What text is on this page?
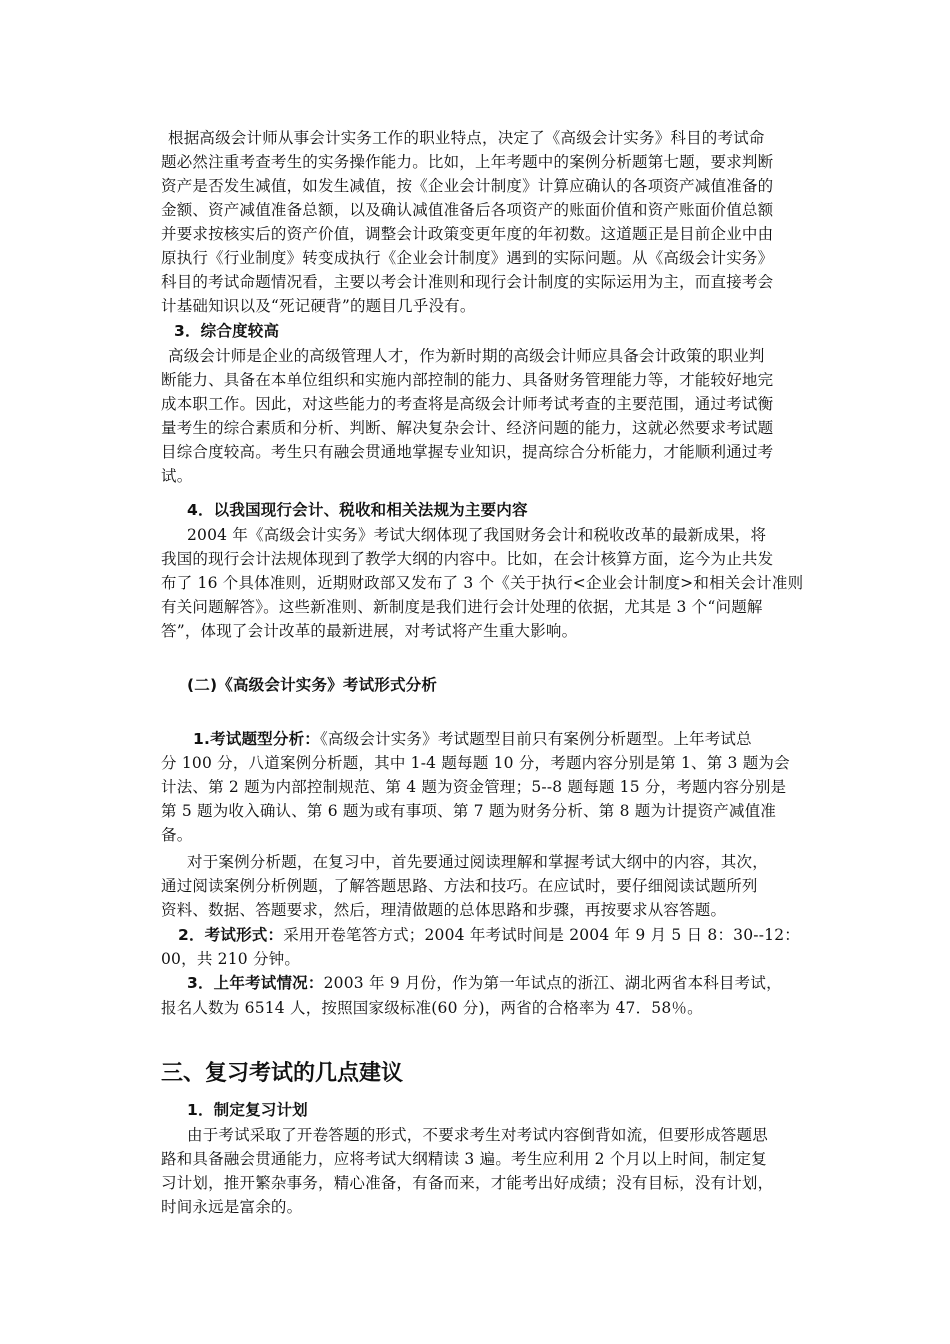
根据高级会计师从事会计实务工作的职业特点，决定了《高级会计实务》科目的考试命
题必然注重考查考生的实务操作能力。比如，上年考题中的案例分析题第七题，要求判断
资产是否发生减值，如发生减值，按《企业会计制度》计算应确认的各项资产减值准备的
金额、资产减值准备总额，以及确认减值准备后各项资产的账面价值和资产账面价值总额
并要求按核实后的资产价值，调整会计政策变更年度的年初数。这道题正是目前企业中由
原执行《行业制度》转变成执行《企业会计制度》遇到的实际问题。从《高级会计实务》
科目的考试命题情况看，主要以考会计准则和现行会计制度的实际运用为主，而直接考会
计基础知识以及“死记硬背”的题目几乎没有。
3．综合度较高
高级会计师是企业的高级管理人才，作为新时期的高级会计师应具备会计政策的职业判
断能力、具备在本单位组织和实施内部控制的能力、具备财务管理能力等，才能较好地完
成本职工作。因此，对这些能力的考查将是高级会计师考试考查的主要范围，通过考试衡
量考生的综合素质和分析、判断、解决复杂会计、经济问题的能力，这就必然要求考试题
目综合度较高。考生只有融会贯通地掌握专业知识，提高综合分析能力，才能顺利通过考
试。
4．以我国现行会计、税收和相关法规为主要内容
2004 年《高级会计实务》考试大纲体现了我国财务会计和税收改革的最新成果，将
我国的现行会计法规体现到了教学大纲的内容中。比如，在会计核算方面，迄今为止共发
布了 16 个具体准则，近期财政部又发布了 3 个《关于执行<企业会计制度>和相关会计准则
有关问题解答》。这些新准则、新制度是我们进行会计处理的依据，尤其是 3 个“问题解
答”，体现了会计改革的最新进展，对考试将产生重大影响。
(二)《高级会计实务》考试形式分析
1.考试题型分析：《高级会计实务》考试题型目前只有案例分析题型。上年考试总
分 100 分，八道案例分析题，其中 1-4 题每题 10 分，考题内容分别是第 1、第 3 题为会
计法、第 2 题为内部控制规范、第 4 题为资金管理；5--8 题每题 15 分，考题内容分别是
第 5 题为收入确认、第 6 题为或有事项、第 7 题为财务分析、第 8 题为计提资产减值准
备。
对于案例分析题，在复习中，首先要通过阅读理解和掌握考试大纲中的内容，其次，
通过阅读案例分析例题，了解答题思路、方法和技巧。在应试时，要仔细阅读试题所列
资料、数据、答题要求，然后，理清做题的总体思路和步骤，再按要求从容答题。
2．考试形式：采用开卷笔答方式；2004 年考试时间是 2004 年 9 月 5 日 8：30--12：
00，共 210 分钟。
3．上年考试情况：2003 年 9 月份，作为第一年试点的浙江、湖北两省本科目考试，
报名人数为 6514 人，按照国家级标准(60 分)，两省的合格率为 47．58％。
三、复习考试的几点建议
1．制定复习计划
由于考试采取了开卷答题的形式，不要求考生对考试内容倒背如流，但要形成答题思
路和具备融会贯通能力，应将考试大纲精读 3 遍。考生应利用 2 个月以上时间，制定复
习计划，推开繁杂事务，精心准备，有备而来，才能考出好成绩；没有目标，没有计划，
时间永远是富余的。
